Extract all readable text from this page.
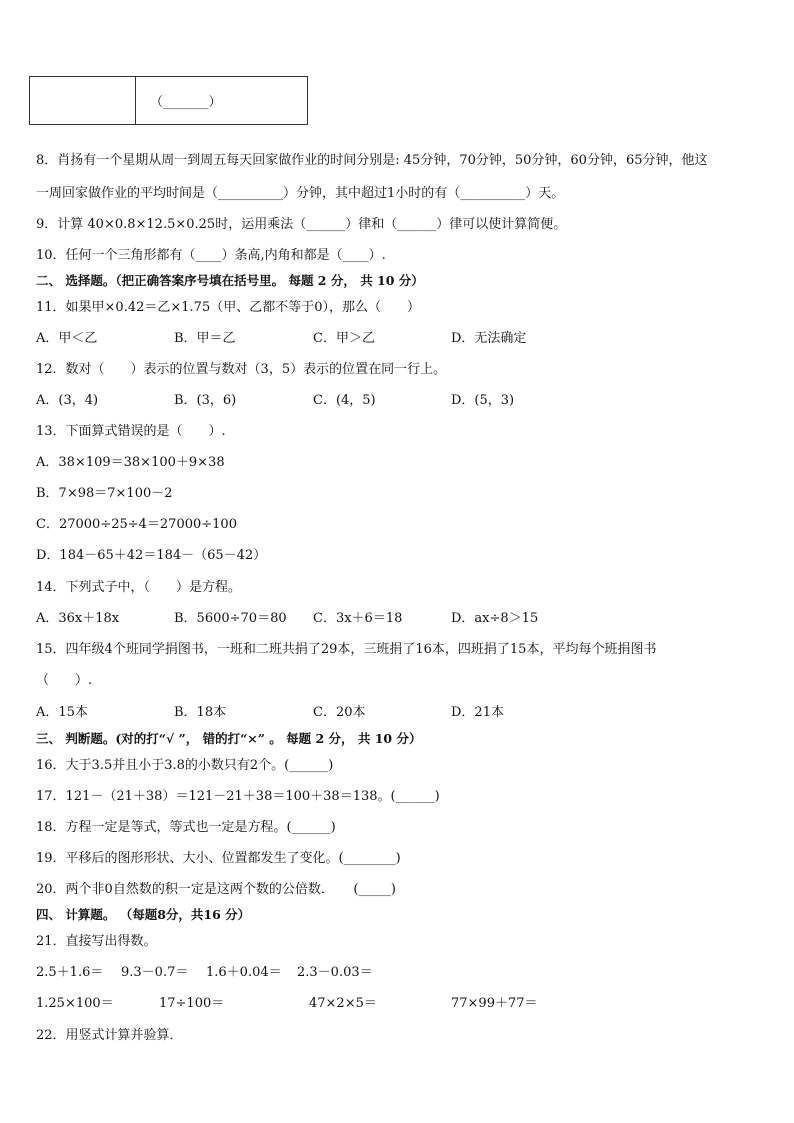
	（_______）
8．肖扬有一个星期从周一到周五每天回家做作业的时间分别是: 45分钟，70分钟，50分钟，60分钟，65分钟，他这
一周回家做作业的平均时间是（__________）分钟，其中超过1小时的有（__________）天。
9．计算 40×0.8×12.5×0.25时，运用乘法（______）律和（______）律可以使计算简便。
10．任何一个三角形都有（____）条高,内角和都是（____）.
二、 选择题。（把正确答案序号填在括号里。 每题 2 分， 共 10 分）
11．如果甲×0.42＝乙×1.75（甲、乙都不等于0），那么（　　）
A．甲＜乙	B．甲＝乙	C．甲＞乙	D．无法确定
12．数对（　　）表示的位置与数对（3，5）表示的位置在同一行上。
A．(3，4)	B．(3，6)	C．(4，5)	D．(5，3)
13．下面算式错误的是（　　）.
A．38×109＝38×100＋9×38
B．7×98＝7×100－2
C．27000÷25÷4＝27000÷100
D．184－65＋42＝184－（65－42）
14．下列式子中，（　　）是方程。
A．36x＋18x	B．5600÷70＝80 C．3x＋6＝18	D．ax÷8＞15
15．四年级4个班同学捐图书，一班和二班共捐了29本，三班捐了16本，四班捐了15本，平均每个班捐图书
（　　）.
A．15本	B．18本	C．20本	D．21本
三、 判断题。(对的打“√ ”， 错的打“×” 。 每题 2 分， 共 10 分）
16．大于3.5并且小于3.8的小数只有2个。(______)
17．121－（21＋38）＝121－21＋38＝100＋38＝138。(______)
18．方程一定是等式，等式也一定是方程。(______)
19．平移后的图形形状、大小、位置都发生了变化。(________)
20．两个非0自然数的积一定是这两个数的公倍数．　　(_____)
四、 计算题。 （每题8分，共16 分）
21．直接写出得数。
2.5＋1.6＝ 9.3－0.7＝ 1.6＋0.04＝ 2.3－0.03＝
1.25×100＝	17÷100＝	47×2×5＝	77×99＋77＝
22．用竖式计算并验算．
